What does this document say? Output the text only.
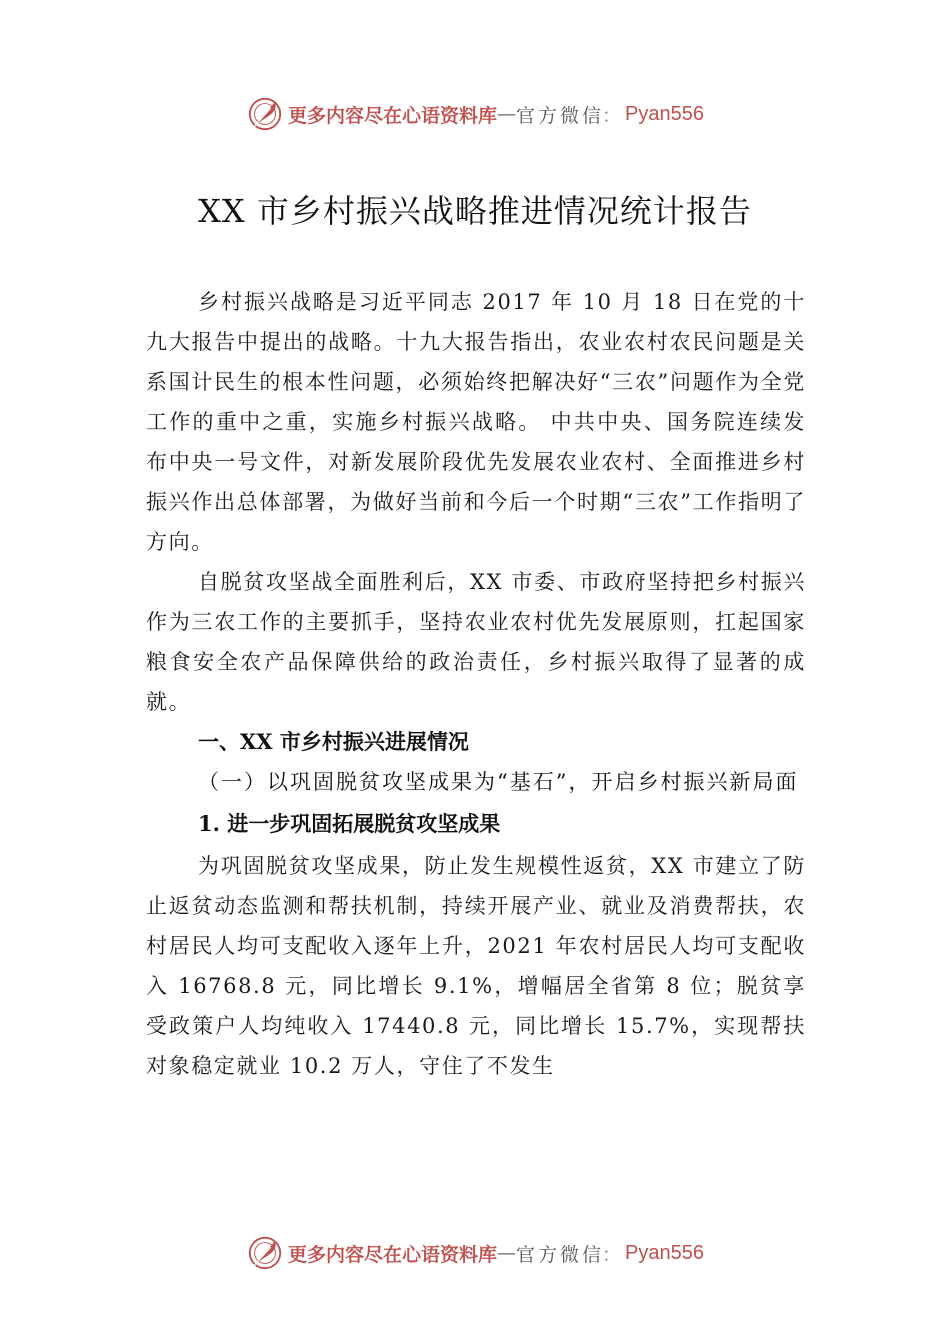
更多内容尽在心语资料库 — 官方微信
： Pyan556
XX 市乡村振兴战略推进情况统计报告

乡村振兴战略是习近平同志 2017 年 10 月 18 日在党的十九大报告中提出的战略。十九大报告指出，农业农村农民问题是关系国计民生的根本性问题，必须始终把解决好“三农”问题作为全党工作的重中之重，实施乡村振兴战略。 中共中央、国务院连续发布中央一号文件，对新发展阶段优先发展农业农村、全面推进乡村振兴作出总体部署，为做好当前和今后一个时期“三农”工作指明了方向。

自脱贫攻坚战全面胜利后，XX 市委、市政府坚持把乡村振兴作为三农工作的主要抓手，坚持农业农村优先发展原则，扛起国家粮食安全农产品保障供给的政治责任，乡村振兴取得了显著的成就。

一、XX 市乡村振兴进展情况

（一）以巩固脱贫攻坚成果为“基石”，开启乡村振兴新局面

1. 进一步巩固拓展脱贫攻坚成果

为巩固脱贫攻坚成果，防止发生规模性返贫，XX 市建立了防止返贫动态监测和帮扶机制，持续开展产业、就业及消费帮扶，农村居民人均可支配收入逐年上升，2021 年农村居民人均可支配收入 16768.8 元，同比增长 9.1%，增幅居全省第 8 位；脱贫享受政策户人均纯收入 17440.8 元，同比增长 15.7%，实现帮扶对象稳定就业 10.2 万人，守住了不发生

更多内容尽在心语资料库 — 官方微信
： Pyan556
